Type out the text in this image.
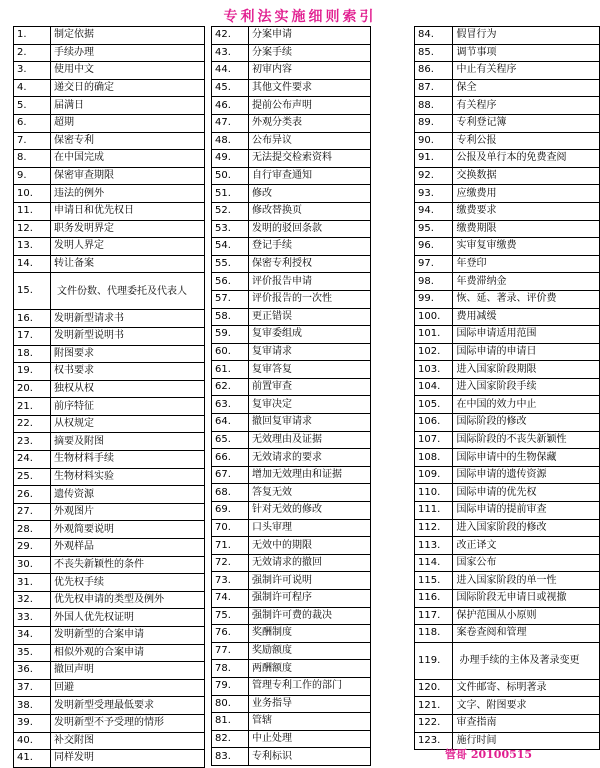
专利法实施细则索引
1.	制定依据
2.	手续办理
3.	使用中文
4.	递交日的确定
5.	届满日
6.	超期
7.	保密专利
8.	在中国完成
9.	保密审查期限
10.	违法的例外
11.	申请日和优先权日
12.	职务发明界定
13.	发明人界定
14.	转让备案
15.	文件份数、代理委托及代表人
16.	发明新型请求书
17.	发明新型说明书
18.	附图要求
19.	权书要求
20.	独权从权
21.	前序特征
22.	从权规定
23.	摘要及附图
24.	生物材料手续
25.	生物材料实验
26.	遗传资源
27.	外观图片
28.	外观简要说明
29.	外观样品
30.	不丧失新颖性的条件
31.	优先权手续
32.	优先权申请的类型及例外
33.	外国人优先权证明
34.	发明新型的合案申请
35.	相似外观的合案申请
36.	撤回声明
37.	回避
38.	发明新型受理最低要求
39.	发明新型不予受理的情形
40.	补交附图
41.	同样发明
42.	分案申请
43.	分案手续
44.	初审内容
45.	其他文件要求
46.	提前公布声明
47.	外观分类表
48.	公布异议
49.	无法提交检索资料
50.	自行审查通知
51.	修改
52.	修改替换页
53.	发明的驳回条款
54.	登记手续
55.	保密专利授权
56.	评价报告申请
57.	评价报告的一次性
58.	更正错误
59.	复审委组成
60.	复审请求
61.	复审答复
62.	前置审查
63.	复审决定
64.	撤回复审请求
65.	无效理由及证据
66.	无效请求的要求
67.	增加无效理由和证据
68.	答复无效
69.	针对无效的修改
70.	口头审理
71.	无效中的期限
72.	无效请求的撤回
73.	强制许可说明
74.	强制许可程序
75.	强制许可费的裁决
76.	奖酬制度
77.	奖励额度
78.	两酬额度
79.	管理专利工作的部门
80.	业务指导
81.	管辖
82.	中止处理
83.	专利标识
84.	假冒行为
85.	调节事项
86.	中止有关程序
87.	保全
88.	有关程序
89.	专利登记簿
90.	专利公报
91.	公报及单行本的免费查阅
92.	交换数据
93.	应缴费用
94.	缴费要求
95.	缴费期限
96.	实审复审缴费
97.	年登印
98.	年费滞纳金
99.	恢、延、著录、评价费
100.	费用减缓
101.	国际申请适用范围
102.	国际申请的申请日
103.	进入国家阶段期限
104.	进入国家阶段手续
105.	在中国的效力中止
106.	国际阶段的修改
107.	国际阶段的不丧失新颖性
108.	国际申请中的生物保藏
109.	国际申请的遗传资源
110.	国际申请的优先权
111.	国际申请的提前审查
112.	进入国家阶段的修改
113.	改正译文
114.	国家公布
115.	进入国家阶段的单一性
116.	国际阶段无申请日或视撤
117.	保护范围从小原则
118.	案卷查阅和管理
119.	办理手续的主体及著录变更
120.	文件邮寄、标明著录
121.	文字、附图要求
122.	审查指南
123.	施行时间
管哥 20100515
